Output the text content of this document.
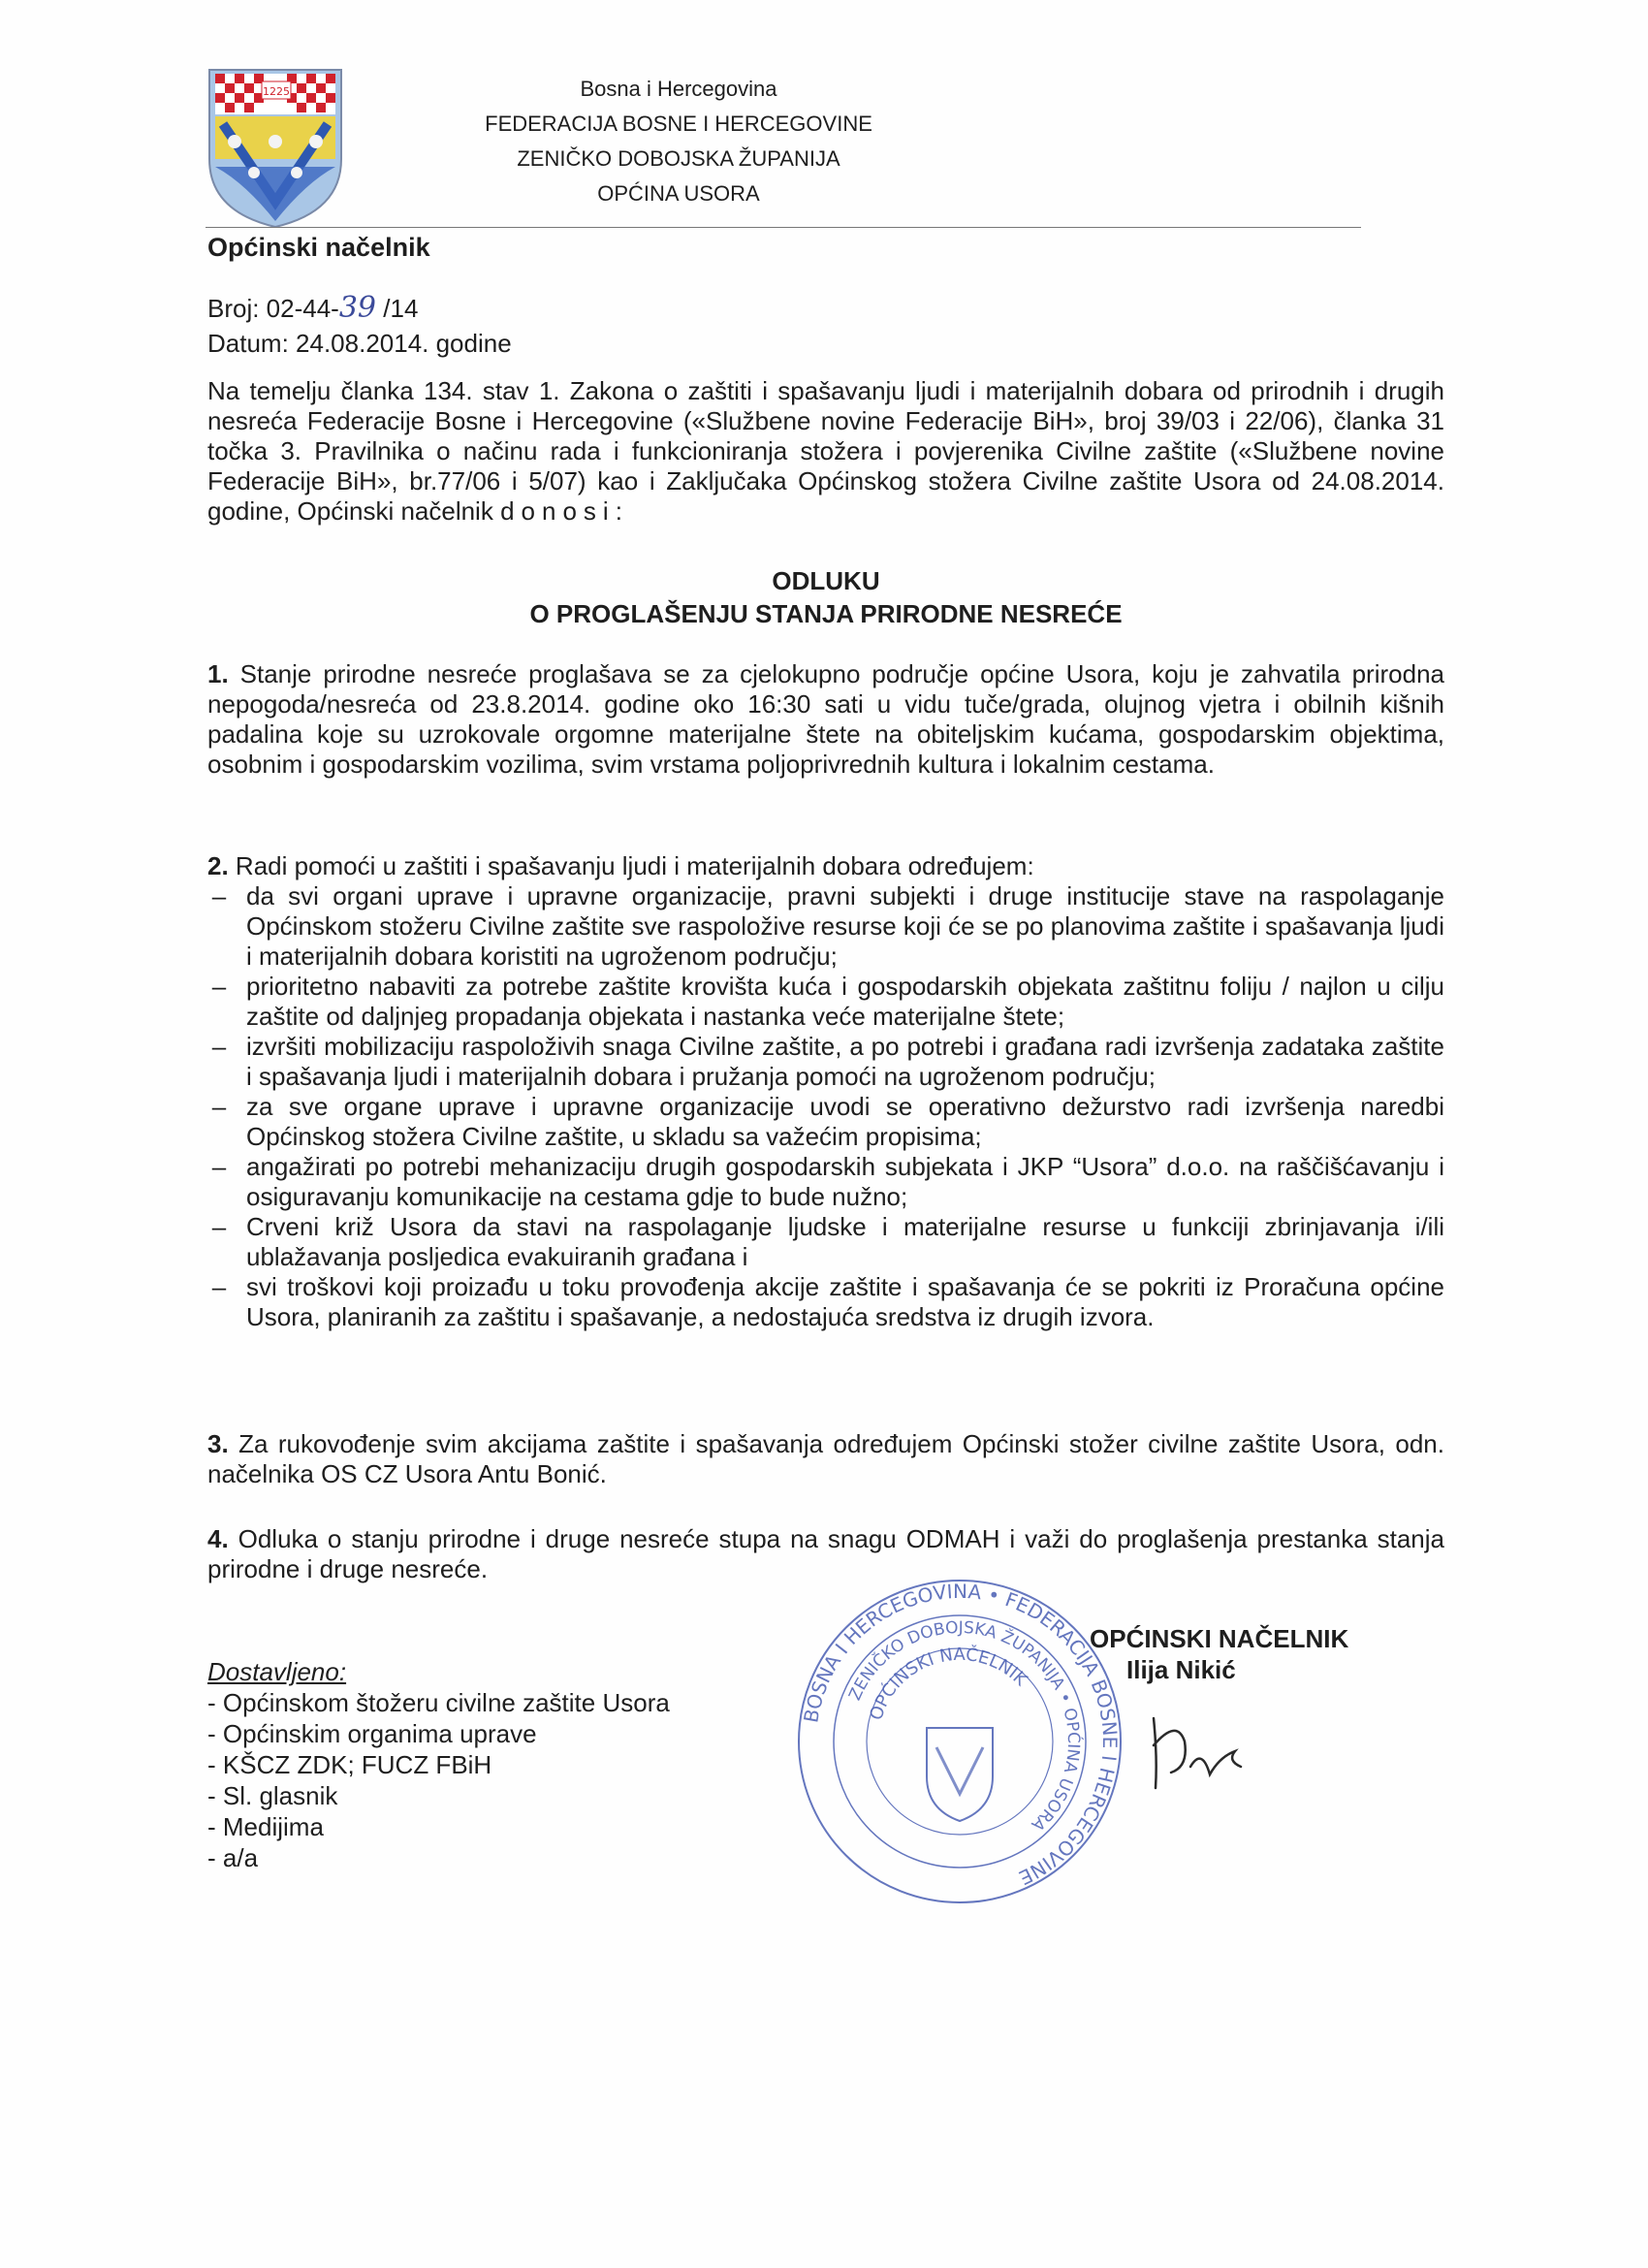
1225	Bosna i Hercegovina
FEDERACIJA BOSNE I HERCEGOVINE
ZENIČKO DOBOJSKA ŽUPANIJA
OPĆINA USORA
Općinski načelnik
Broj: 02-44-39 /14
Datum: 24.08.2014. godine
Na temelju članka 134. stav 1. Zakona o zaštiti i spašavanju ljudi i materijalnih dobara od prirodnih i drugih nesreća Federacije Bosne i Hercegovine («Službene novine Federacije BiH», broj 39/03 i 22/06), članka 31 točka 3. Pravilnika o načinu rada i funkcioniranja stožera i povjerenika Civilne zaštite («Službene novine Federacije BiH», br.77/06 i 5/07) kao i Zaključaka Općinskog stožera Civilne zaštite Usora od 24.08.2014. godine, Općinski načelnik donosi:
ODLUKU
O PROGLAŠENJU STANJA PRIRODNE NESREĆE
1. Stanje prirodne nesreće proglašava se za cjelokupno područje općine Usora, koju je zahvatila prirodna nepogoda/nesreća od 23.8.2014. godine oko 16:30 sati u vidu tuče/grada, olujnog vjetra i obilnih kišnih padalina koje su uzrokovale orgomne materijalne štete na obiteljskim kućama, gospodarskim objektima, osobnim i gospodarskim vozilima, svim vrstama poljoprivrednih kultura i lokalnim cestama.
2. Radi pomoći u zaštiti i spašavanju ljudi i materijalnih dobara određujem:
– da svi organi uprave i upravne organizacije, pravni subjekti i druge institucije stave na raspolaganje Općinskom stožeru Civilne zaštite sve raspoložive resurse koji će se po planovima zaštite i spašavanja ljudi i materijalnih dobara koristiti na ugroženom području;
– prioritetno nabaviti za potrebe zaštite krovišta kuća i gospodarskih objekata zaštitnu foliju / najlon u cilju zaštite od daljnjeg propadanja objekata i nastanka veće materijalne štete;
– izvršiti mobilizaciju raspoloživih snaga Civilne zaštite, a po potrebi i građana radi izvršenja zadataka zaštite i spašavanja ljudi i materijalnih dobara i pružanja pomoći na ugroženom području;
– za sve organe uprave i upravne organizacije uvodi se operativno dežurstvo radi izvršenja naredbi Općinskog stožera Civilne zaštite, u skladu sa važećim propisima;
– angažirati po potrebi mehanizaciju drugih gospodarskih subjekata i JKP “Usora” d.o.o. na raščišćavanju i osiguravanju komunikacije na cestama gdje to bude nužno;
– Crveni križ Usora da stavi na raspolaganje ljudske i materijalne resurse u funkciji zbrinjavanja i/ili ublažavanja posljedica evakuiranih građana i
– svi troškovi koji proizađu u toku provođenja akcije zaštite i spašavanja će se pokriti iz Proračuna općine Usora, planiranih za zaštitu i spašavanje, a nedostajuća sredstva iz drugih izvora.
3. Za rukovođenje svim akcijama zaštite i spašavanja određujem Općinski stožer civilne zaštite Usora, odn. načelnika OS CZ Usora Antu Bonić.
4. Odluka o stanju prirodne i druge nesreće stupa na snagu ODMAH i važi do proglašenja prestanka stanja prirodne i druge nesreće.
BOSNA I HERCEGOVINA • FEDERACIJA BOSNE I HERCEGOVINE
ZENIČKO DOBOJSKA ŽUPANIJA • OPĆINA USORA
OPĆINSKI NAČELNIK
OPĆINSKI NAČELNIK
Ilija Nikić
Dostavljeno:
- Općinskom štožeru civilne zaštite Usora
- Općinskim organima uprave
- KŠCZ ZDK; FUCZ FBiH
- Sl. glasnik
- Medijima
- a/a
